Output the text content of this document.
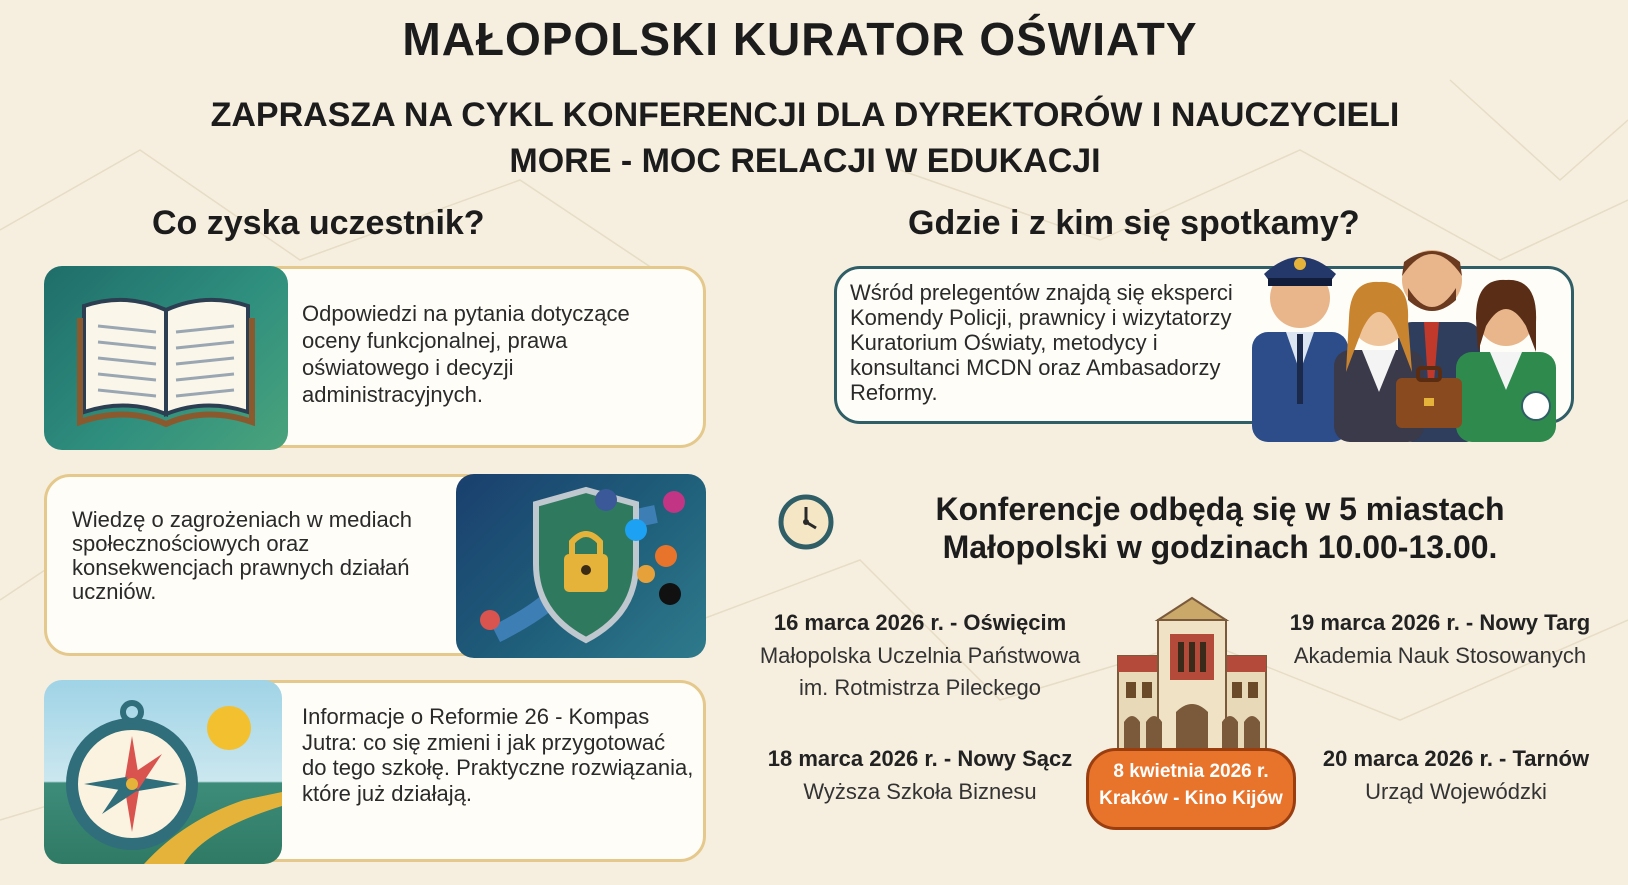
MAŁOPOLSKI KURATOR OŚWIATY
ZAPRASZA NA CYKL KONFERENCJI DLA DYREKTORÓW I NAUCZYCIELI
MORE - MOC RELACJI W EDUKACJI
Co zyska uczestnik?
Odpowiedzi na pytania dotyczące oceny funkcjonalnej, prawa oświatowego i decyzji administracyjnych.
Wiedzę o zagrożeniach w mediach społecznościowych oraz konsekwencjach prawnych działań uczniów.
Informacje o Reformie 26 - Kompas Jutra: co się zmieni i jak przygotować do tego szkołę. Praktyczne rozwiązania, które już działają.
Gdzie i z kim się spotkamy?
Wśród prelegentów znajdą się eksperci Komendy Policji, prawnicy i wizytatorzy Kuratorium Oświaty, metodycy i konsultanci MCDN oraz Ambasadorzy Reformy.
Konferencje odbędą się w 5 miastach
Małopolski w godzinach 10.00-13.00.
16 marca 2026 r. - Oświęcim
Małopolska Uczelnia Państwowa
im. Rotmistrza Pileckego
19 marca 2026 r. - Nowy Targ
Akademia Nauk Stosowanych
18 marca 2026 r. - Nowy Sącz
Wyższa Szkoła Biznesu
20 marca 2026 r. - Tarnów
Urząd Wojewódzki
8 kwietnia 2026 r.
Kraków - Kino Kijów
